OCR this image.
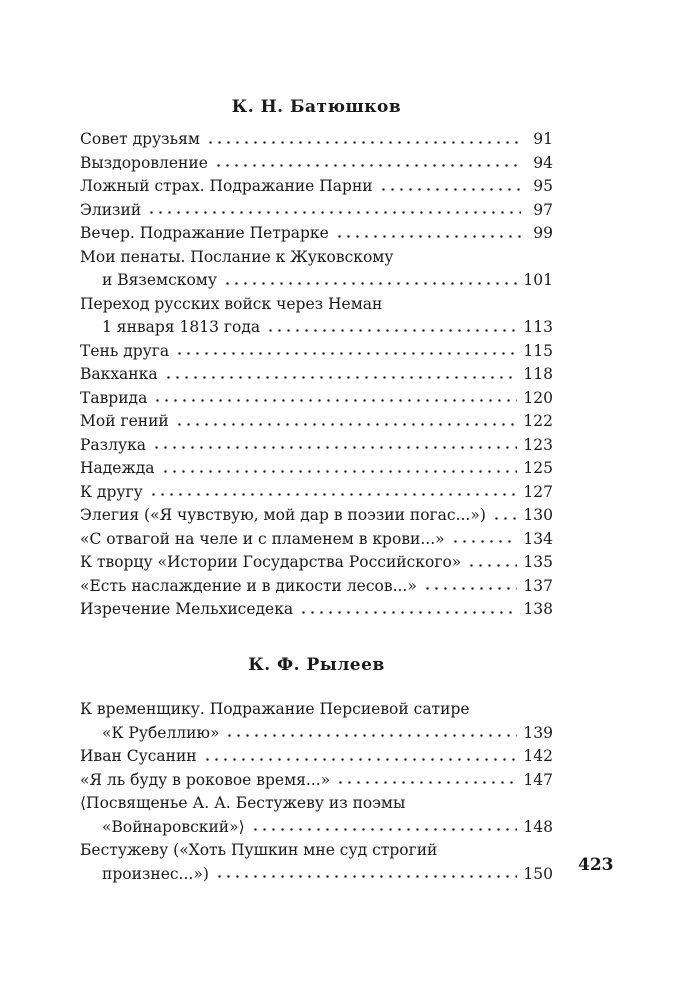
К. Н. Батюшков
Совет друзьям	91
Выздоровление	94
Ложный страх. Подражание Парни	95
Элизий	97
Вечер. Подражание Петрарке	99
Мои пенаты. Послание к Жуковскому
и Вяземскому	101
Переход русских войск через Неман
1 января 1813 года	113
Тень друга	115
Вакханка	118
Таврида	120
Мой гений	122
Разлука	123
Надежда	125
К другу	127
Элегия («Я чувствую, мой дар в поэзии погас...») 130
«С отвагой на челе и с пламенем в крови...»	134
К творцу «Истории Государства Российского»	135
«Есть наслаждение и в дикости лесов...»	137
Изречение Мельхиседека	138
К. Ф. Рылеев
К временщику. Подражание Персиевой сатире
«К Рубеллию»	139
Иван Сусанин	142
«Я ль буду в роковое время...»	147
⟨Посвященье А. А. Бестужеву из поэмы
«Войнаровский»⟩	148
Бестужеву («Хоть Пушкин мне суд строгий
произнес...»)	150 423
